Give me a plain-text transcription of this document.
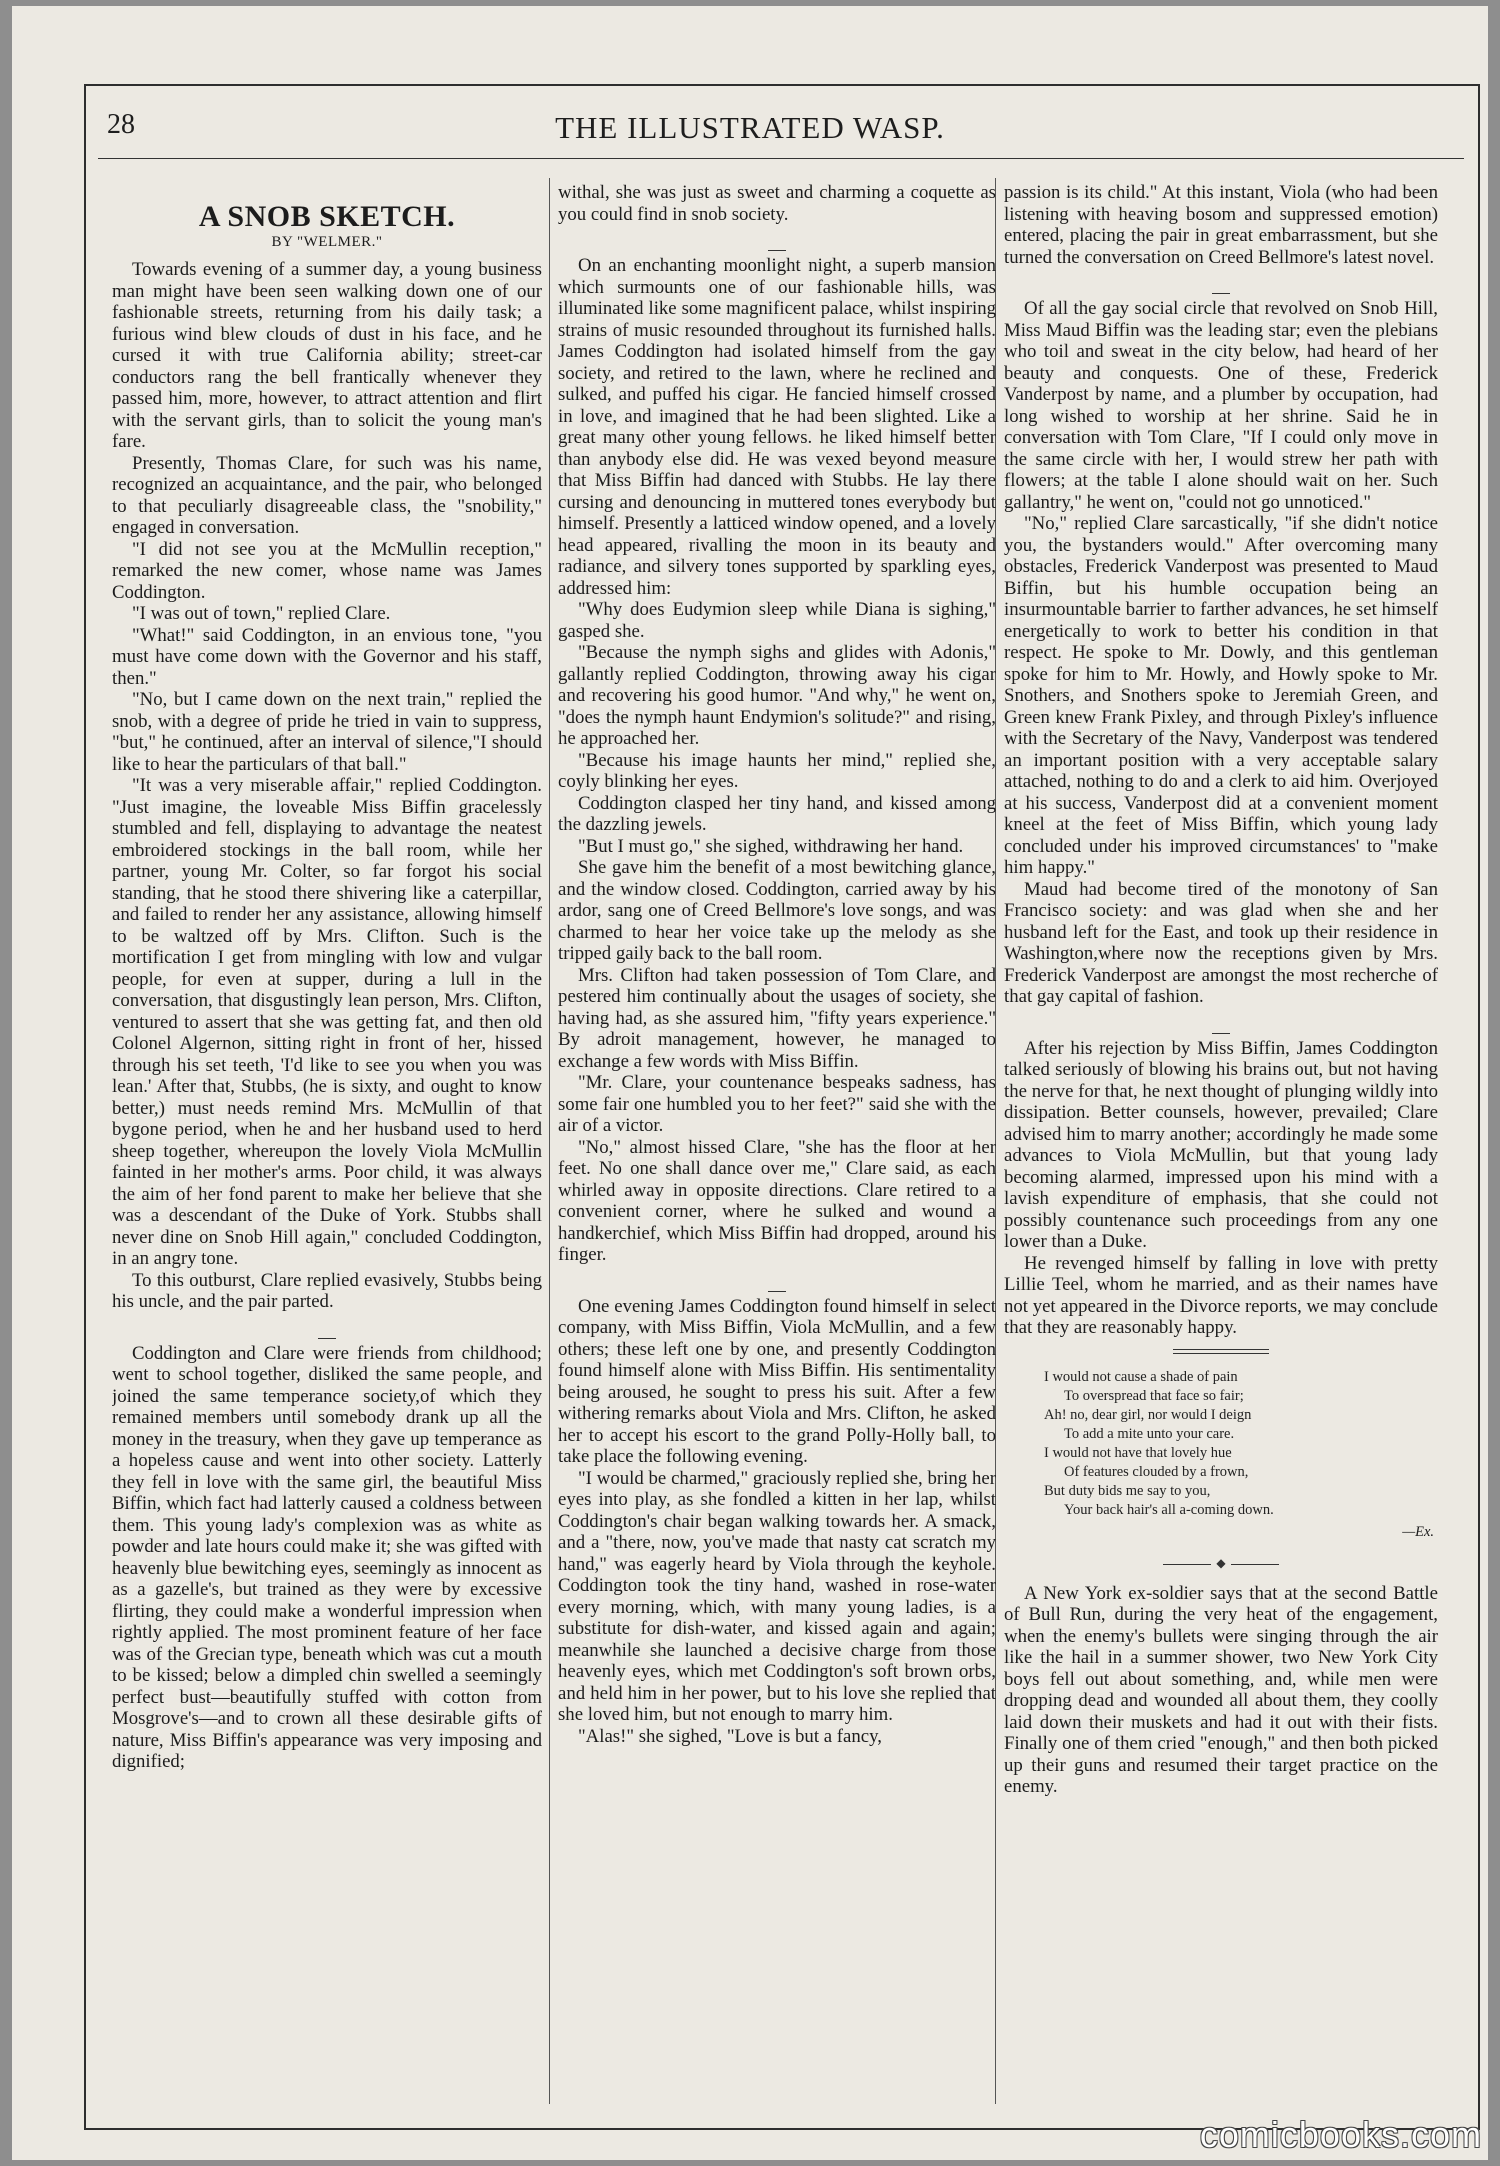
28	THE ILLUSTRATED WASP.
A SNOB SKETCH.
BY "WELMER."

Towards evening of a summer day, a young business man might have been seen walking down one of our fashionable streets, returning from his daily task; a furious wind blew clouds of dust in his face, and he cursed it with true California ability; street-car conductors rang the bell frantically whenever they passed him, more, however, to attract attention and flirt with the servant girls, than to solicit the young man's fare.

Presently, Thomas Clare, for such was his name, recognized an acquaintance, and the pair, who belonged to that peculiarly disagreeable class, the "snobility," engaged in conversation.

"I did not see you at the McMullin reception," remarked the new comer, whose name was James Coddington.

"I was out of town," replied Clare.

"What!" said Coddington, in an envious tone, "you must have come down with the Governor and his staff, then."

"No, but I came down on the next train," replied the snob, with a degree of pride he tried in vain to suppress, "but," he continued, after an interval of silence,"I should like to hear the particulars of that ball."

"It was a very miserable affair," replied Coddington. "Just imagine, the loveable Miss Biffin gracelessly stumbled and fell, displaying to advantage the neatest embroidered stockings in the ball room, while her partner, young Mr. Colter, so far forgot his social standing, that he stood there shivering like a caterpillar, and failed to render her any assistance, allowing himself to be waltzed off by Mrs. Clifton. Such is the mortification I get from mingling with low and vulgar people, for even at supper, during a lull in the conversation, that disgustingly lean person, Mrs. Clifton, ventured to assert that she was getting fat, and then old Colonel Algernon, sitting right in front of her, hissed through his set teeth, 'I'd like to see you when you was lean.' After that, Stubbs, (he is sixty, and ought to know better,) must needs remind Mrs. McMullin of that bygone period, when he and her husband used to herd sheep together, whereupon the lovely Viola McMullin fainted in her mother's arms. Poor child, it was always the aim of her fond parent to make her believe that she was a descendant of the Duke of York. Stubbs shall never dine on Snob Hill again," concluded Coddington, in an angry tone.

To this outburst, Clare replied evasively, Stubbs being his uncle, and the pair parted.

Coddington and Clare were friends from childhood; went to school together, disliked the same people, and joined the same temperance society,of which they remained members until somebody drank up all the money in the treasury, when they gave up temperance as a hopeless cause and went into other society. Latterly they fell in love with the same girl, the beautiful Miss Biffin, which fact had latterly caused a coldness between them. This young lady's complexion was as white as powder and late hours could make it; she was gifted with heavenly blue bewitching eyes, seemingly as innocent as as a gazelle's, but trained as they were by excessive flirting, they could make a wonderful impression when rightly applied. The most prominent feature of her face was of the Grecian type, beneath which was cut a mouth to be kissed; below a dimpled chin swelled a seemingly perfect bust—beautifully stuffed with cotton from Mosgrove's—and to crown all these desirable gifts of nature, Miss Biffin's appearance was very imposing and dignified;

withal, she was just as sweet and charming a coquette as you could find in snob society.

On an enchanting moonlight night, a superb mansion which surmounts one of our fashionable hills, was illuminated like some magnificent palace, whilst inspiring strains of music resounded throughout its furnished halls. James Coddington had isolated himself from the gay society, and retired to the lawn, where he reclined and sulked, and puffed his cigar. He fancied himself crossed in love, and imagined that he had been slighted. Like a great many other young fellows. he liked himself better than anybody else did. He was vexed beyond measure that Miss Biffin had danced with Stubbs. He lay there cursing and denouncing in muttered tones everybody but himself. Presently a latticed window opened, and a lovely head appeared, rivalling the moon in its beauty and radiance, and silvery tones supported by sparkling eyes, addressed him:

"Why does Eudymion sleep while Diana is sighing," gasped she.

"Because the nymph sighs and glides with Adonis," gallantly replied Coddington, throwing away his cigar and recovering his good humor. "And why," he went on, "does the nymph haunt Endymion's solitude?" and rising, he approached her.

"Because his image haunts her mind," replied she, coyly blinking her eyes.

Coddington clasped her tiny hand, and kissed among the dazzling jewels.

"But I must go," she sighed, withdrawing her hand.

She gave him the benefit of a most bewitching glance, and the window closed. Coddington, carried away by his ardor, sang one of Creed Bellmore's love songs, and was charmed to hear her voice take up the melody as she tripped gaily back to the ball room.

Mrs. Clifton had taken possession of Tom Clare, and pestered him continually about the usages of society, she having had, as she assured him, "fifty years experience." By adroit management, however, he managed to exchange a few words with Miss Biffin.

"Mr. Clare, your countenance bespeaks sadness, has some fair one humbled you to her feet?" said she with the air of a victor.

"No," almost hissed Clare, "she has the floor at her feet. No one shall dance over me," Clare said, as each whirled away in opposite directions. Clare retired to a convenient corner, where he sulked and wound a handkerchief, which Miss Biffin had dropped, around his finger.

One evening James Coddington found himself in select company, with Miss Biffin, Viola McMullin, and a few others; these left one by one, and presently Coddington found himself alone with Miss Biffin. His sentimentality being aroused, he sought to press his suit. After a few withering remarks about Viola and Mrs. Clifton, he asked her to accept his escort to the grand Polly-Holly ball, to take place the following evening.

"I would be charmed," graciously replied she, bring her eyes into play, as she fondled a kitten in her lap, whilst Coddington's chair began walking towards her. A smack, and a "there, now, you've made that nasty cat scratch my hand," was eagerly heard by Viola through the keyhole. Coddington took the tiny hand, washed in rose-water every morning, which, with many young ladies, is a substitute for dish-water, and kissed again and again; meanwhile she launched a decisive charge from those heavenly eyes, which met Coddington's soft brown orbs, and held him in her power, but to his love she replied that she loved him, but not enough to marry him.

"Alas!" she sighed, "Love is but a fancy,

passion is its child." At this instant, Viola (who had been listening with heaving bosom and suppressed emotion) entered, placing the pair in great embarrassment, but she turned the conversation on Creed Bellmore's latest novel.

Of all the gay social circle that revolved on Snob Hill, Miss Maud Biffin was the leading star; even the plebians who toil and sweat in the city below, had heard of her beauty and conquests. One of these, Frederick Vanderpost by name, and a plumber by occupation, had long wished to worship at her shrine. Said he in conversation with Tom Clare, "If I could only move in the same circle with her, I would strew her path with flowers; at the table I alone should wait on her. Such gallantry," he went on, "could not go unnoticed."

"No," replied Clare sarcastically, "if she didn't notice you, the bystanders would." After overcoming many obstacles, Frederick Vanderpost was presented to Maud Biffin, but his humble occupation being an insurmountable barrier to farther advances, he set himself energetically to work to better his condition in that respect. He spoke to Mr. Dowly, and this gentleman spoke for him to Mr. Howly, and Howly spoke to Mr. Snothers, and Snothers spoke to Jeremiah Green, and Green knew Frank Pixley, and through Pixley's influence with the Secretary of the Navy, Vanderpost was tendered an important position with a very acceptable salary attached, nothing to do and a clerk to aid him. Overjoyed at his success, Vanderpost did at a convenient moment kneel at the feet of Miss Biffin, which young lady concluded under his improved circumstances' to "make him happy."

Maud had become tired of the monotony of San Francisco society: and was glad when she and her husband left for the East, and took up their residence in Washington,where now the receptions given by Mrs. Frederick Vanderpost are amongst the most recherche of that gay capital of fashion.

After his rejection by Miss Biffin, James Coddington talked seriously of blowing his brains out, but not having the nerve for that, he next thought of plunging wildly into dissipation. Better counsels, however, prevailed; Clare advised him to marry another; accordingly he made some advances to Viola McMullin, but that young lady becoming alarmed, impressed upon his mind with a lavish expenditure of emphasis, that she could not possibly countenance such proceedings from any one lower than a Duke.

He revenged himself by falling in love with pretty Lillie Teel, whom he married, and as their names have not yet appeared in the Divorce reports, we may conclude that they are reasonably happy.

I would not cause a shade of pain
To overspread that face so fair;
Ah! no, dear girl, nor would I deign
To add a mite unto your care.
I would not have that lovely hue
Of features clouded by a frown,
But duty bids me say to you,
Your back hair's all a-coming down.
—Ex.
◆

A New York ex-soldier says that at the second Battle of Bull Run, during the very heat of the engagement, when the enemy's bullets were singing through the air like the hail in a summer shower, two New York City boys fell out about something, and, while men were dropping dead and wounded all about them, they coolly laid down their muskets and had it out with their fists. Finally one of them cried "enough," and then both picked up their guns and resumed their target practice on the enemy.

comicbooks.com
